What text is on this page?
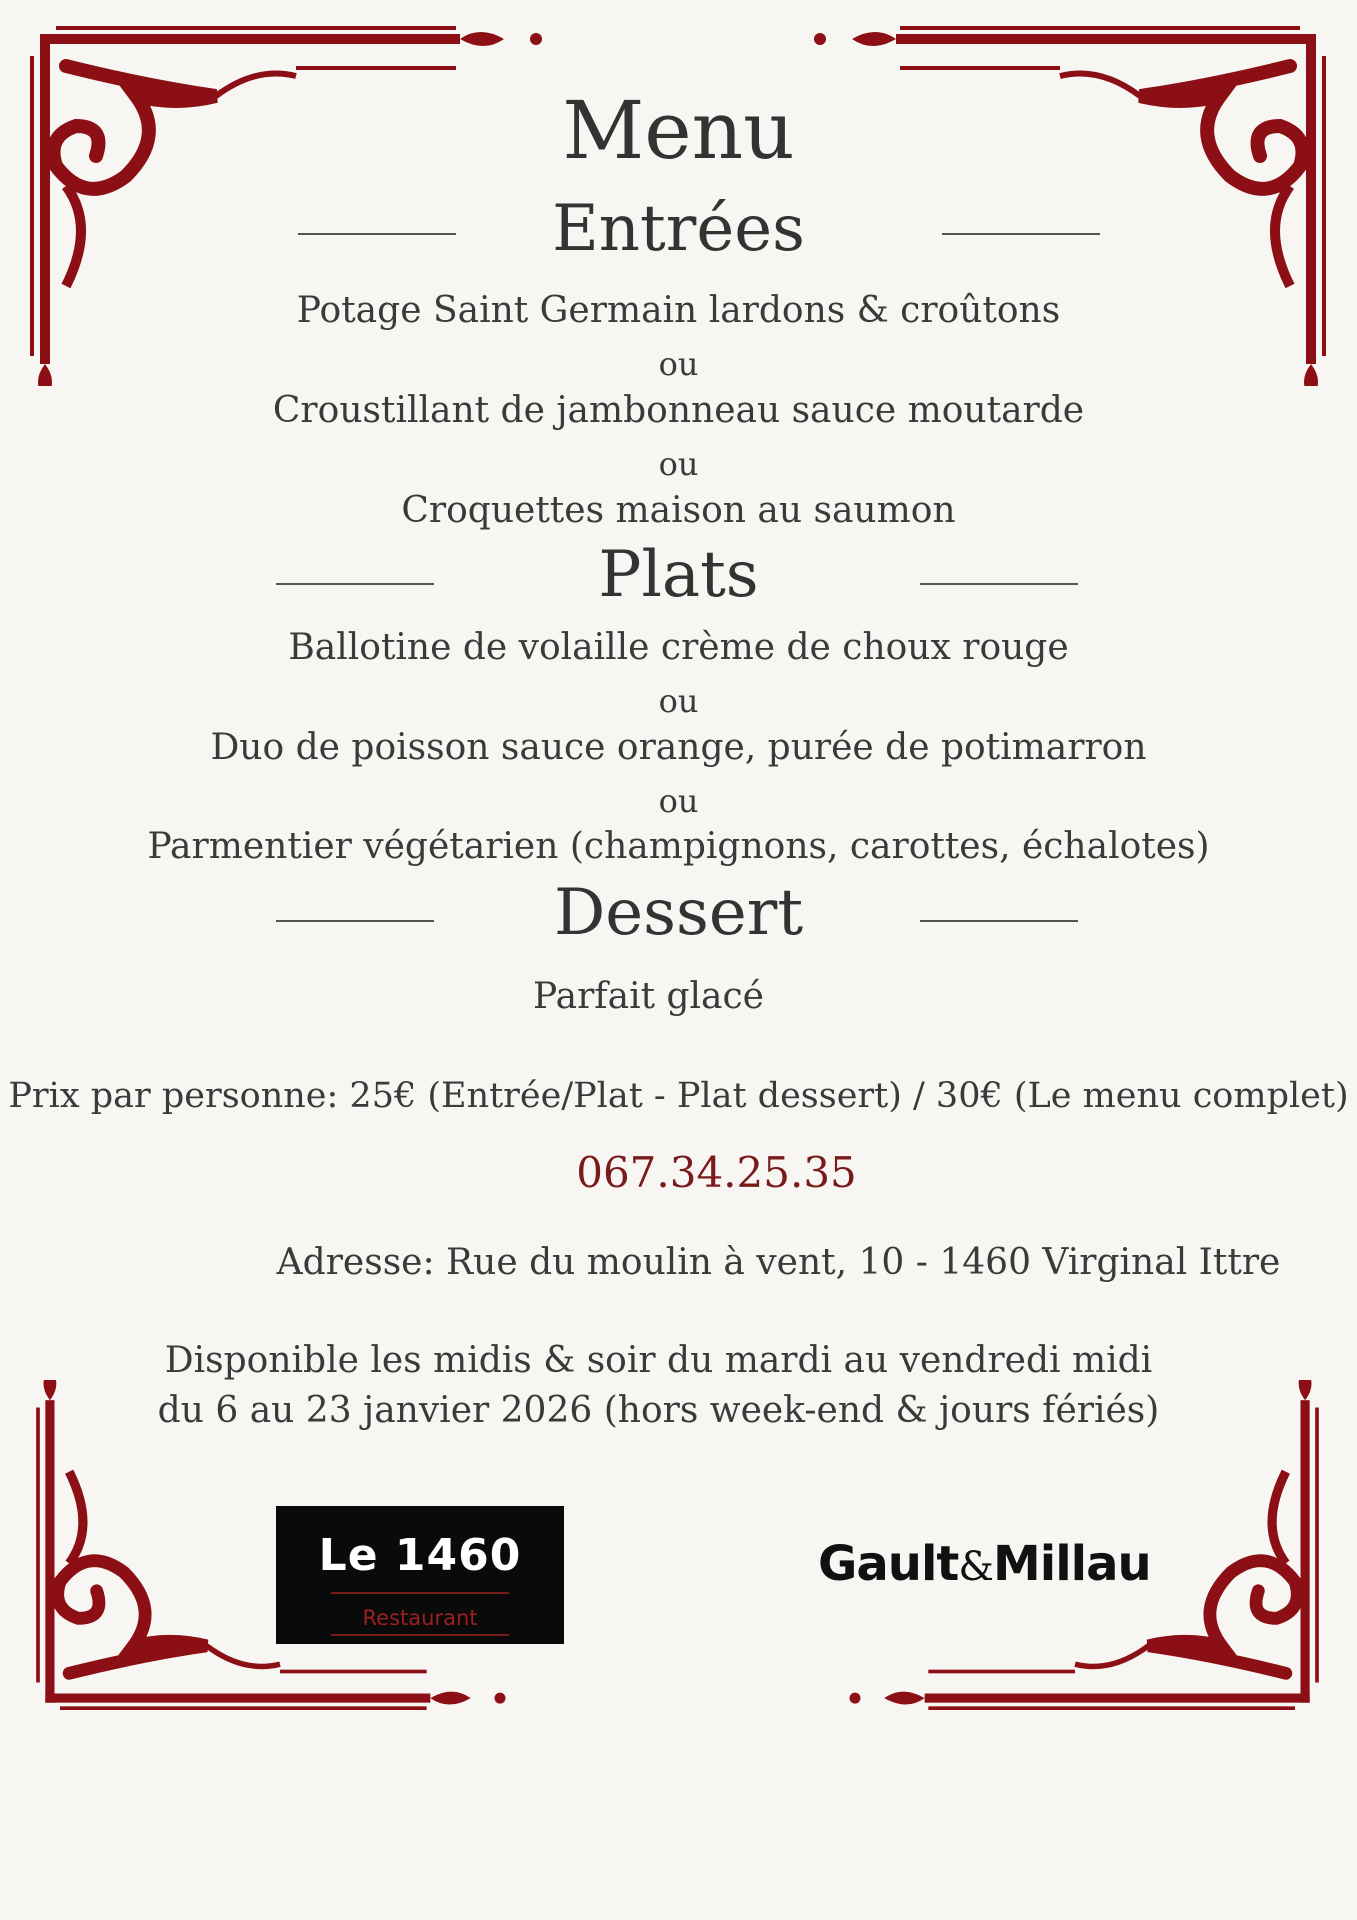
Menu
Entrées
Potage Saint Germain lardons & croûtons
ou
Croustillant de jambonneau sauce moutarde
ou
Croquettes maison au saumon
Plats
Ballotine de volaille crème de choux rouge
ou
Duo de poisson sauce orange, purée de potimarron
ou
Parmentier végétarien (champignons, carottes, échalotes)
Dessert
Parfait glacé
Prix par personne: 25€ (Entrée/Plat - Plat dessert) / 30€ (Le menu complet)
067.34.25.35
Adresse: Rue du moulin à vent, 10 - 1460 Virginal Ittre
Disponible les midis & soir du mardi au vendredi midi
du 6 au 23 janvier 2026 (hors week-end & jours fériés)
Le 1460
Restaurant
Gault&Millau
